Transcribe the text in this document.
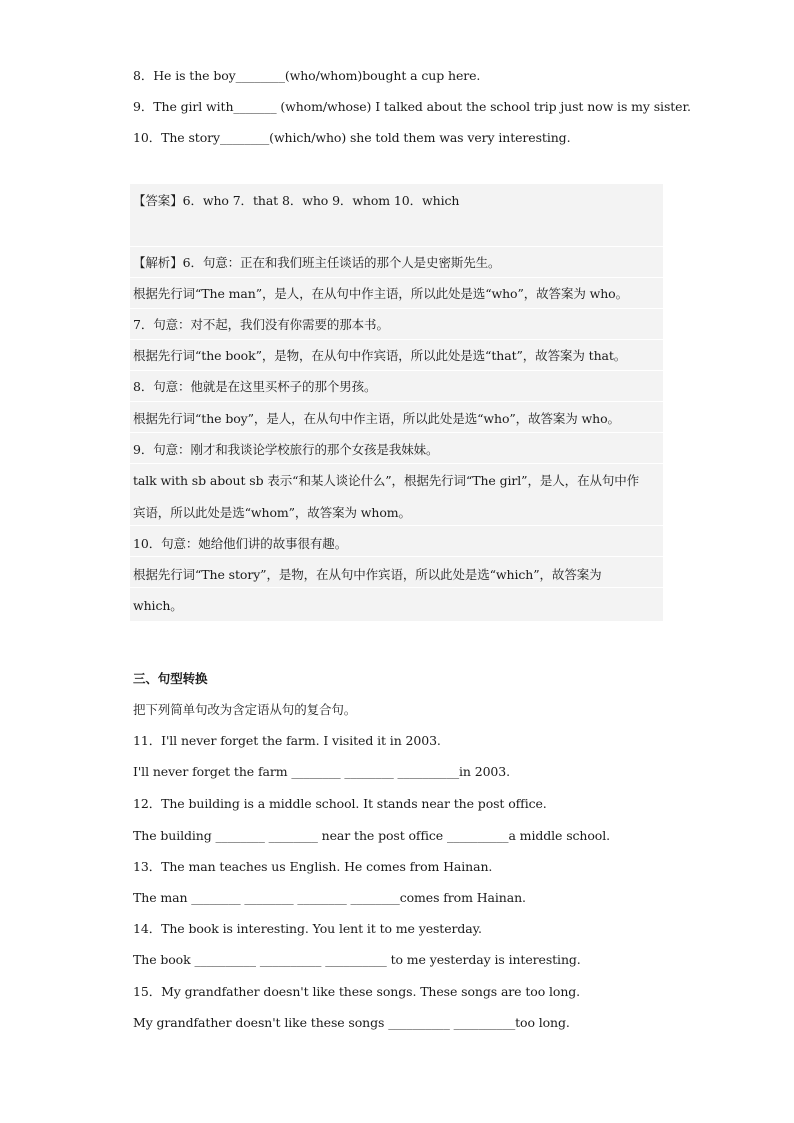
8．He is the boy________(who/whom)bought a cup here.
9．The girl with_______ (whom/whose) I talked about the school trip just now is my sister.
10．The story________(which/who) she told them was very interesting.
【答案】6．who 7．that 8．who 9．whom 10．which
【解析】6．句意：正在和我们班主任谈话的那个人是史密斯先生。
根据先行词“The man”，是人，在从句中作主语，所以此处是选“who”，故答案为 who。
7．句意：对不起，我们没有你需要的那本书。
根据先行词“the book”，是物，在从句中作宾语，所以此处是选“that”，故答案为 that。
8．句意：他就是在这里买杯子的那个男孩。
根据先行词“the boy”，是人，在从句中作主语，所以此处是选“who”，故答案为 who。
9．句意：刚才和我谈论学校旅行的那个女孩是我妹妹。
talk with sb about sb 表示“和某人谈论什么”，根据先行词“The girl”，是人，在从句中作
宾语，所以此处是选“whom”，故答案为 whom。
10．句意：她给他们讲的故事很有趣。
根据先行词“The story”，是物，在从句中作宾语，所以此处是选“which”，故答案为
which。
三、句型转换
把下列简单句改为含定语从句的复合句。
11．I'll never forget the farm. I visited it in 2003.
I'll never forget the farm ________ ________ __________in 2003.
12．The building is a middle school. It stands near the post office.
The building ________ ________ near the post office __________a middle school.
13．The man teaches us English. He comes from Hainan.
The man ________ ________ ________ ________comes from Hainan.
14．The book is interesting. You lent it to me yesterday.
The book __________ __________ __________ to me yesterday is interesting.
15．My grandfather doesn't like these songs. These songs are too long.
My grandfather doesn't like these songs __________ __________too long.
